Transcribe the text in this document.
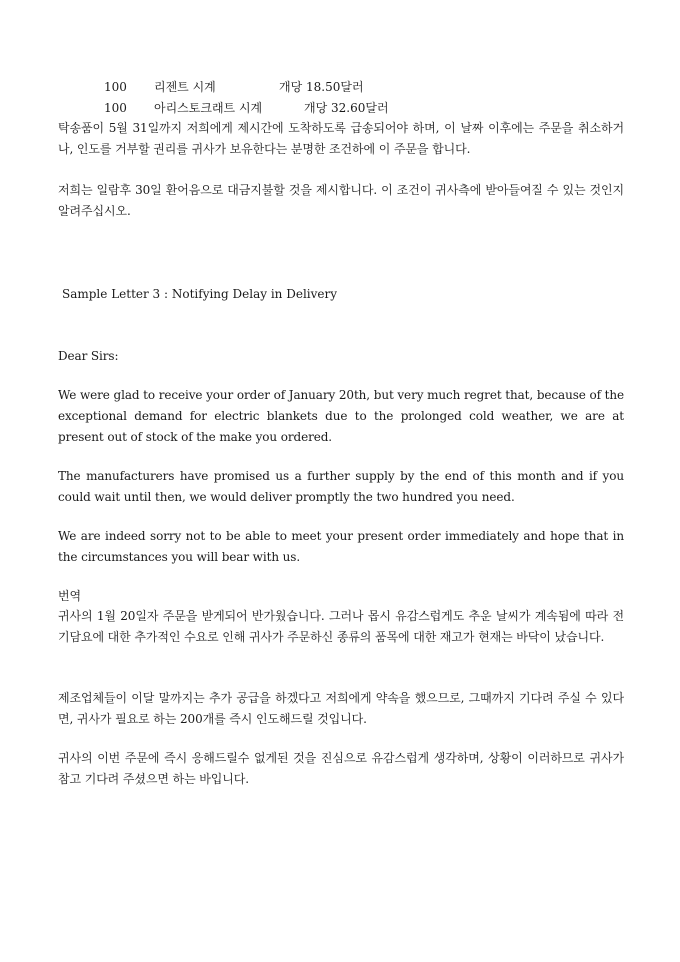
100 리젠트 시계	개당 18.50달러
100 아리스토크래트 시계	개당 32.60달러

탁송품이 5월 31일까지 저희에게 제시간에 도착하도록 급송되어야 하며, 이 날짜 이후에는 주문을 취소하거나, 인도를 거부할 권리를 귀사가 보유한다는 분명한 조건하에 이 주문을 합니다.

저희는 일람후 30일 환어음으로 대금지불할 것을 제시합니다. 이 조건이 귀사측에 받아들여질 수 있는 것인지 알려주십시오.

Sample Letter 3 : Notifying Delay in Delivery
Dear Sirs:

We were glad to receive your order of January 20th, but very much regret that, because of the exceptional demand for electric blankets due to the prolonged cold weather, we are at present out of stock of the make you ordered.

The manufacturers have promised us a further supply by the end of this month and if you could wait until then, we would deliver promptly the two hundred you need.

We are indeed sorry not to be able to meet your present order immediately and hope that in the circumstances you will bear with us.

번역

귀사의 1월 20일자 주문을 받게되어 반가웠습니다. 그러나 몹시 유감스럽게도 추운 날씨가 계속됨에 따라 전기담요에 대한 추가적인 수요로 인해 귀사가 주문하신 종류의 품목에 대한 재고가 현재는 바닥이 났습니다.

제조업체들이 이달 말까지는 추가 공급을 하겠다고 저희에게 약속을 했으므로, 그때까지 기다려 주실 수 있다면, 귀사가 필요로 하는 200개를 즉시 인도해드릴 것입니다.

귀사의 이번 주문에 즉시 응해드릴수 없게된 것을 진심으로 유감스럽게 생각하며, 상황이 이러하므로 귀사가 참고 기다려 주셨으면 하는 바입니다.
